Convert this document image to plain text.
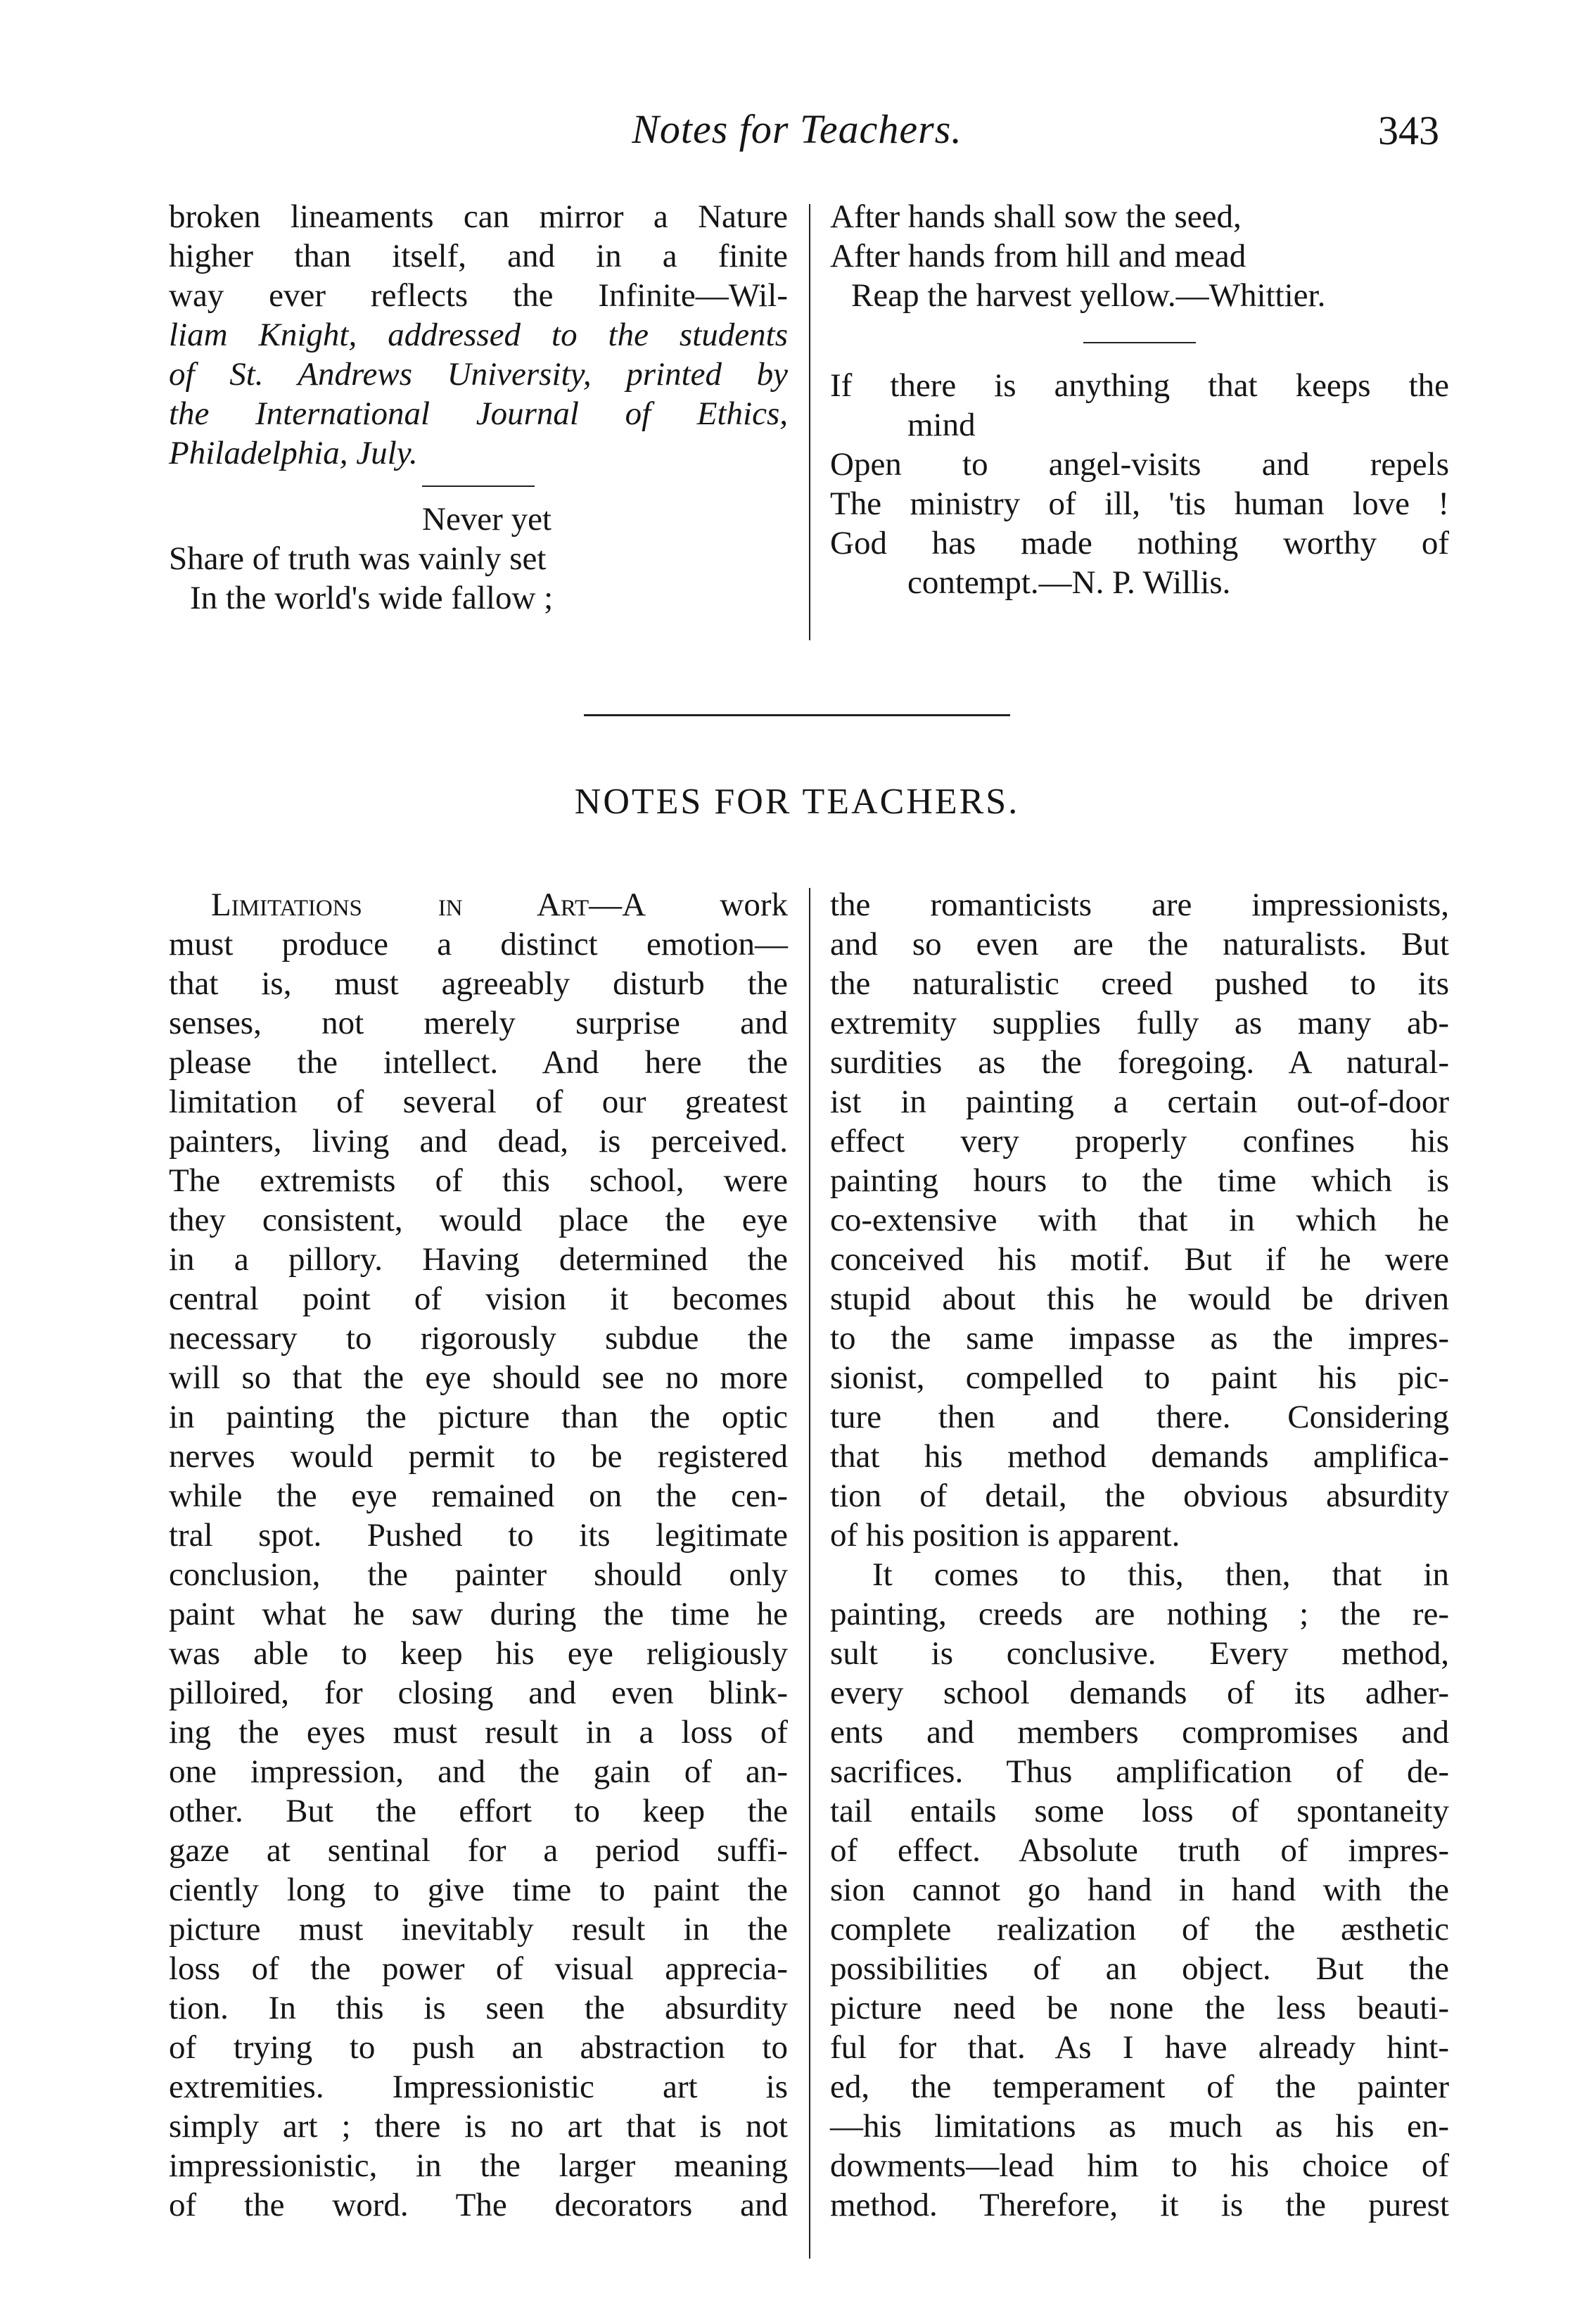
Notes for Teachers.	343

broken lineaments can mirror a Nature

higher than itself, and in a finite

way ever reflects the Infinite—Wil-

liam Knight, addressed to the students

of St. Andrews University, printed by

the International Journal of Ethics,

Philadelphia, July.

Never yet

Share of truth was vainly set

In the world's wide fallow ;

After hands shall sow the seed,

After hands from hill and mead

Reap the harvest yellow.—Whittier.

If there is anything that keeps the

mind

Open to angel-visits and repels

The ministry of ill, 'tis human love !

God has made nothing worthy of

contempt.—N. P. Willis.

NOTES FOR TEACHERS.

Limitations in Art—A work

must produce a distinct emotion—

that is, must agreeably disturb the

senses, not merely surprise and

please the intellect. And here the

limitation of several of our greatest

painters, living and dead, is perceived.

The extremists of this school, were

they consistent, would place the eye

in a pillory. Having determined the

central point of vision it becomes

necessary to rigorously subdue the

will so that the eye should see no more

in painting the picture than the optic

nerves would permit to be registered

while the eye remained on the cen-

tral spot. Pushed to its legitimate

conclusion, the painter should only

paint what he saw during the time he

was able to keep his eye religiously

pilloired, for closing and even blink-

ing the eyes must result in a loss of

one impression, and the gain of an-

other. But the effort to keep the

gaze at sentinal for a period suffi-

ciently long to give time to paint the

picture must inevitably result in the

loss of the power of visual apprecia-

tion. In this is seen the absurdity

of trying to push an abstraction to

extremities. Impressionistic art is

simply art ; there is no art that is not

impressionistic, in the larger meaning

of the word. The decorators and

the romanticists are impressionists,

and so even are the naturalists. But

the naturalistic creed pushed to its

extremity supplies fully as many ab-

surdities as the foregoing. A natural-

ist in painting a certain out-of-door

effect very properly confines his

painting hours to the time which is

co-extensive with that in which he

conceived his motif. But if he were

stupid about this he would be driven

to the same impasse as the impres-

sionist, compelled to paint his pic-

ture then and there. Considering

that his method demands amplifica-

tion of detail, the obvious absurdity

of his position is apparent.

It comes to this, then, that in

painting, creeds are nothing ; the re-

sult is conclusive. Every method,

every school demands of its adher-

ents and members compromises and

sacrifices. Thus amplification of de-

tail entails some loss of spontaneity

of effect. Absolute truth of impres-

sion cannot go hand in hand with the

complete realization of the æsthetic

possibilities of an object. But the

picture need be none the less beauti-

ful for that. As I have already hint-

ed, the temperament of the painter

—his limitations as much as his en-

dowments—lead him to his choice of

method. Therefore, it is the purest
